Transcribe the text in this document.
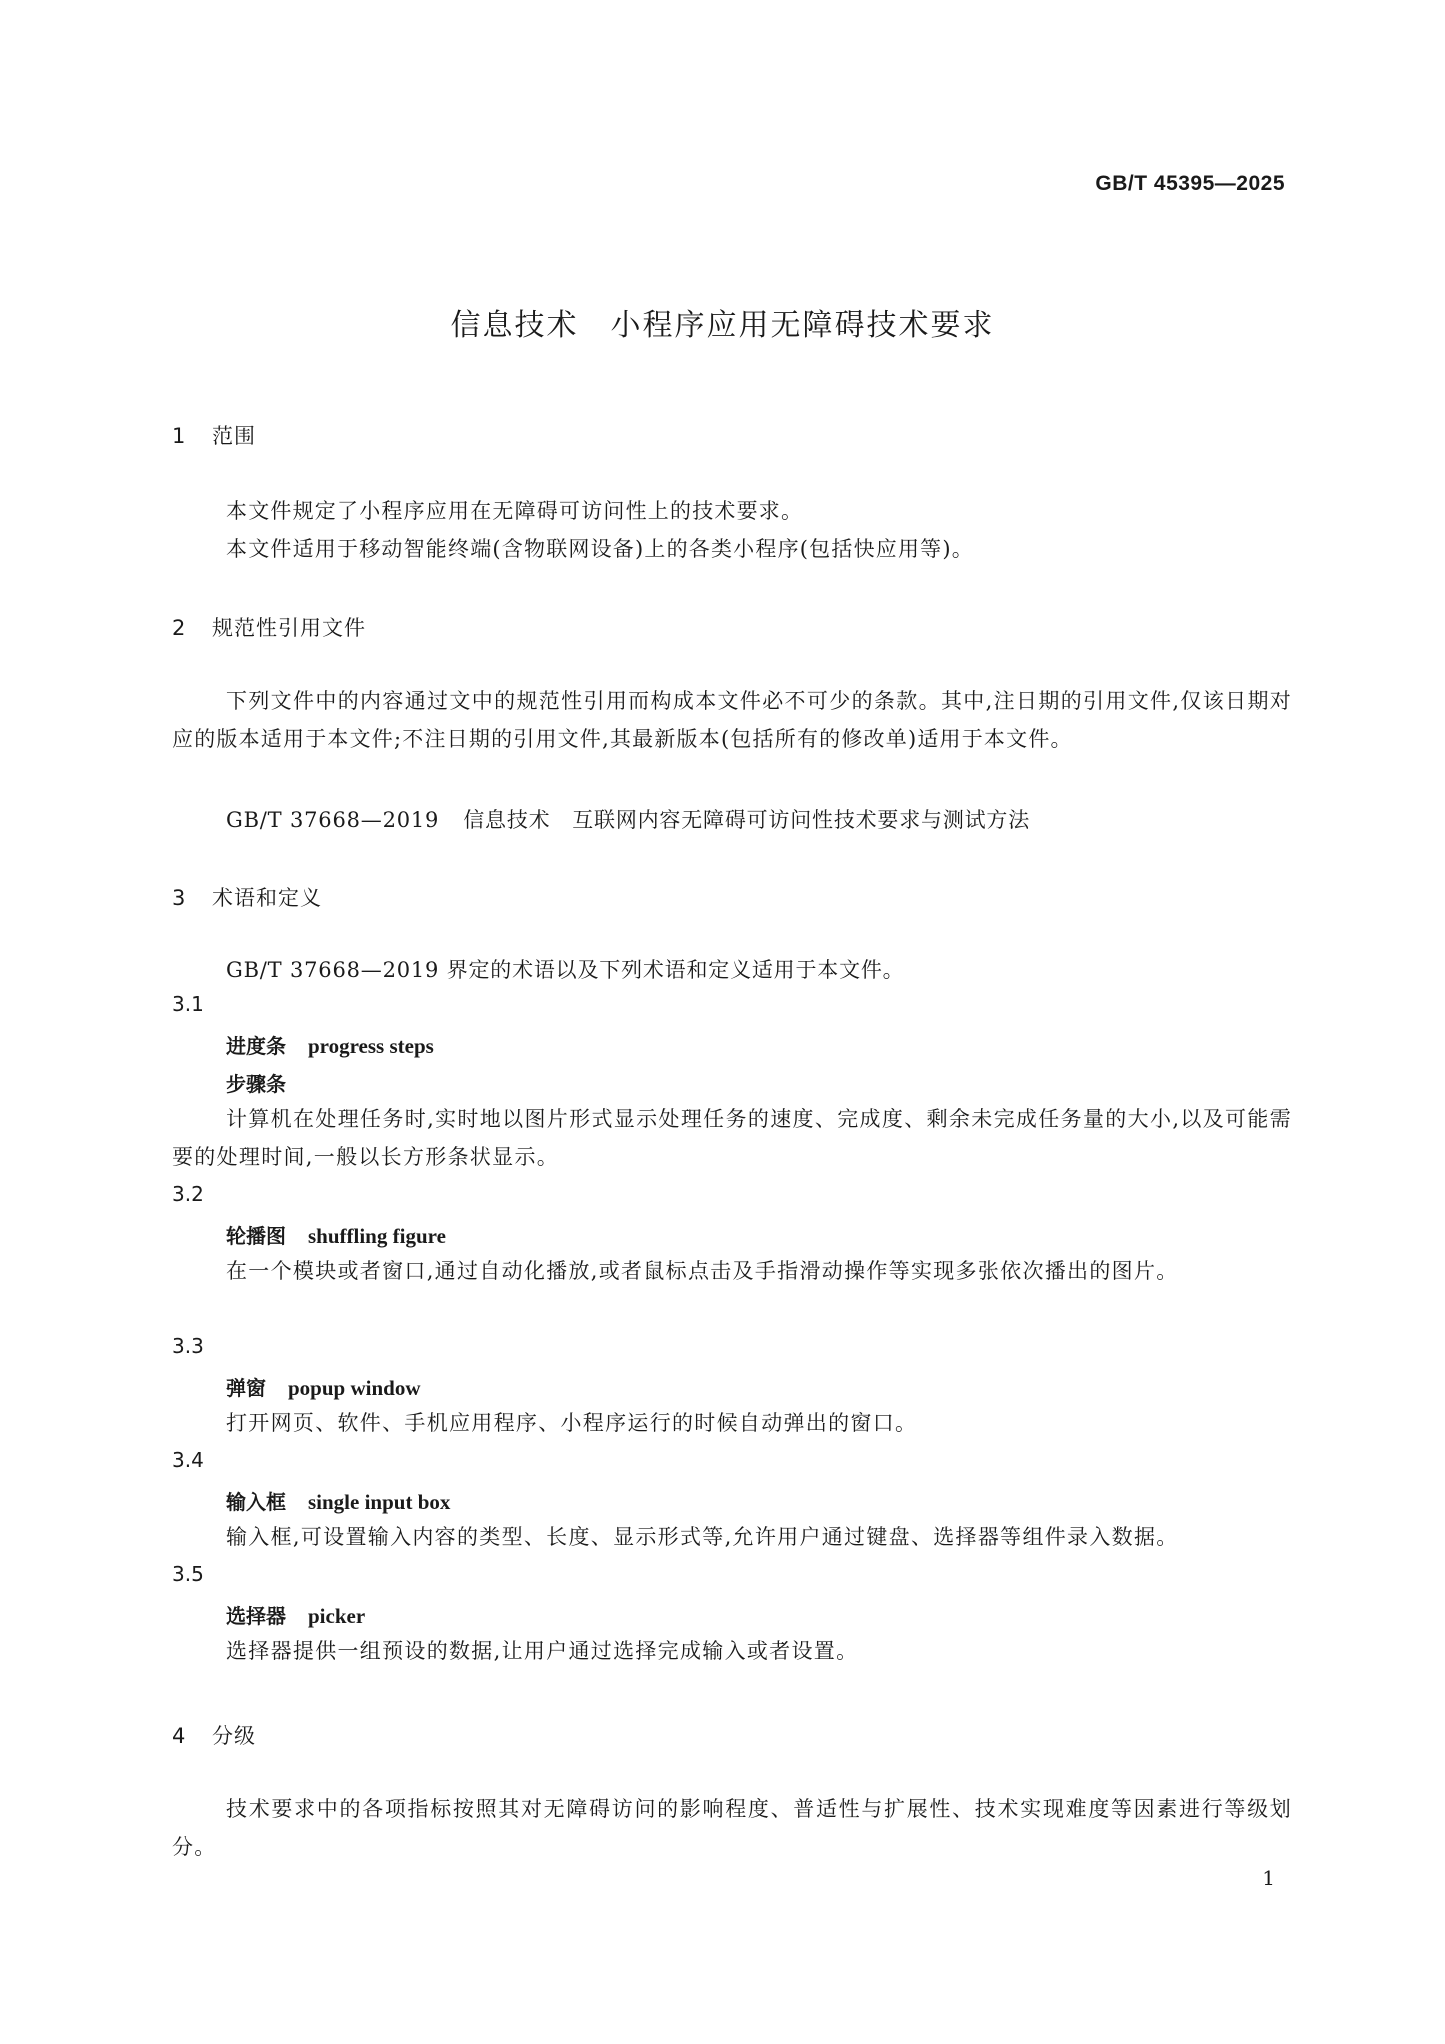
GB/T 45395—2025
信息技术　小程序应用无障碍技术要求
1 范围
本文件规定了小程序应用在无障碍可访问性上的技术要求。
本文件适用于移动智能终端(含物联网设备)上的各类小程序(包括快应用等)。
2 规范性引用文件
下列文件中的内容通过文中的规范性引用而构成本文件必不可少的条款。其中,注日期的引用文件,仅该日期对应的版本适用于本文件;不注日期的引用文件,其最新版本(包括所有的修改单)适用于本文件。
GB/T 37668—2019 信息技术　互联网内容无障碍可访问性技术要求与测试方法
3 术语和定义
GB/T 37668—2019 界定的术语以及下列术语和定义适用于本文件。
3.1
进度条 progress steps
步骤条
计算机在处理任务时,实时地以图片形式显示处理任务的速度、完成度、剩余未完成任务量的大小,以及可能需要的处理时间,一般以长方形条状显示。
3.2
轮播图 shuffling figure
在一个模块或者窗口,通过自动化播放,或者鼠标点击及手指滑动操作等实现多张依次播出的图片。
3.3
弹窗 popup window
打开网页、软件、手机应用程序、小程序运行的时候自动弹出的窗口。
3.4
输入框 single input box
输入框,可设置输入内容的类型、长度、显示形式等,允许用户通过键盘、选择器等组件录入数据。
3.5
选择器 picker
选择器提供一组预设的数据,让用户通过选择完成输入或者设置。
4 分级
技术要求中的各项指标按照其对无障碍访问的影响程度、普适性与扩展性、技术实现难度等因素进行等级划分。
1
